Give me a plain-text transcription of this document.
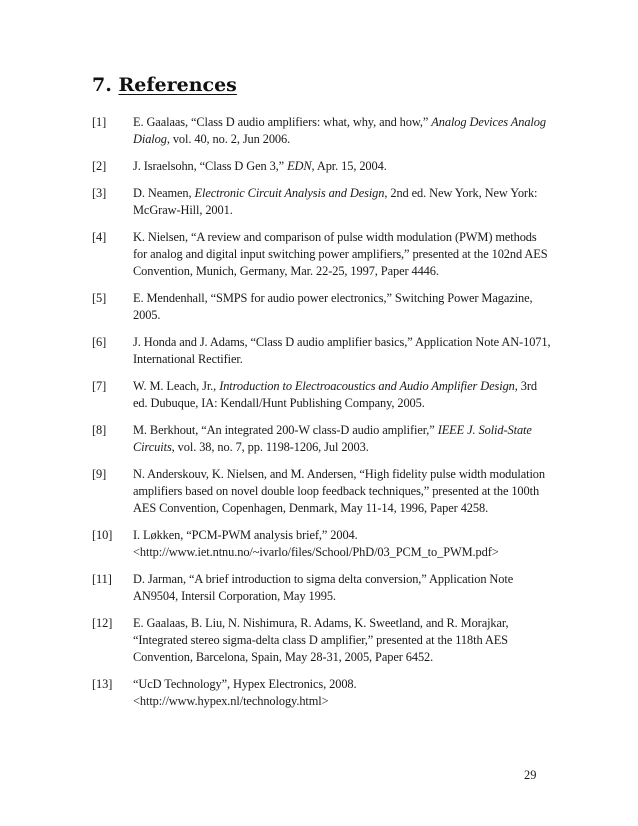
7. References
[1] E. Gaalaas, “Class D audio amplifiers: what, why, and how,” Analog Devices Analog Dialog, vol. 40, no. 2, Jun 2006.
[2] J. Israelsohn, “Class D Gen 3,” EDN, Apr. 15, 2004.
[3] D. Neamen, Electronic Circuit Analysis and Design, 2nd ed. New York, New York: McGraw-Hill, 2001.
[4] K. Nielsen, “A review and comparison of pulse width modulation (PWM) methods for analog and digital input switching power amplifiers,” presented at the 102nd AES Convention, Munich, Germany, Mar. 22-25, 1997, Paper 4446.
[5] E. Mendenhall, “SMPS for audio power electronics,” Switching Power Magazine, 2005.
[6] J. Honda and J. Adams, “Class D audio amplifier basics,” Application Note AN-1071, International Rectifier.
[7] W. M. Leach, Jr., Introduction to Electroacoustics and Audio Amplifier Design, 3rd ed. Dubuque, IA: Kendall/Hunt Publishing Company, 2005.
[8] M. Berkhout, “An integrated 200-W class-D audio amplifier,” IEEE J. Solid-State Circuits, vol. 38, no. 7, pp. 1198-1206, Jul 2003.
[9] N. Anderskouv, K. Nielsen, and M. Andersen, “High fidelity pulse width modulation amplifiers based on novel double loop feedback techniques,” presented at the 100th AES Convention, Copenhagen, Denmark, May 11-14, 1996, Paper 4258.
[10] I. Løkken, “PCM-PWM analysis brief,” 2004. <http://www.iet.ntnu.no/~ivarlo/files/School/PhD/03_PCM_to_PWM.pdf>
[11] D. Jarman, “A brief introduction to sigma delta conversion,” Application Note AN9504, Intersil Corporation, May 1995.
[12] E. Gaalaas, B. Liu, N. Nishimura, R. Adams, K. Sweetland, and R. Morajkar, “Integrated stereo sigma-delta class D amplifier,” presented at the 118th AES Convention, Barcelona, Spain, May 28-31, 2005, Paper 6452.
[13] “UcD Technology”, Hypex Electronics, 2008. <http://www.hypex.nl/technology.html>
29
